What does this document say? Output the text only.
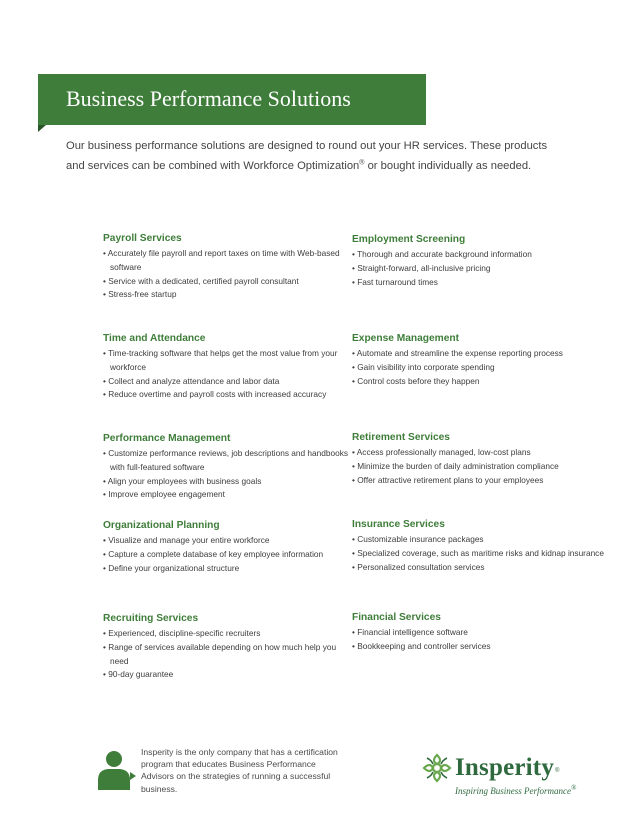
Business Performance Solutions

Our business performance solutions are designed to round out your HR services. These products

and services can be combined with Workforce Optimization® or bought individually as needed.

Payroll Services
• Accurately file payroll and report taxes on time with Web-based software
• Service with a dedicated, certified payroll consultant
• Stress-free startup
Time and Attendance
• Time-tracking software that helps get the most value from your workforce
• Collect and analyze attendance and labor data
• Reduce overtime and payroll costs with increased accuracy
Performance Management
• Customize performance reviews, job descriptions and handbooks with full-featured software
• Align your employees with business goals
• Improve employee engagement
Organizational Planning
• Visualize and manage your entire workforce
• Capture a complete database of key employee information
• Define your organizational structure
Recruiting Services
• Experienced, discipline-specific recruiters
• Range of services available depending on how much help you need
• 90-day guarantee
Employment Screening
• Thorough and accurate background information
• Straight-forward, all-inclusive pricing
• Fast turnaround times
Expense Management
• Automate and streamline the expense reporting process
• Gain visibility into corporate spending
• Control costs before they happen
Retirement Services
• Access professionally managed, low-cost plans
• Minimize the burden of daily administration compliance
• Offer attractive retirement plans to your employees
Insurance Services
• Customizable insurance packages
• Specialized coverage, such as maritime risks and kidnap insurance
• Personalized consultation services
Financial Services
• Financial intelligence software
• Bookkeeping and controller services
Insperity is the only company that has a certification program that educates Business Performance Advisors on the strategies of running a successful business.
Insperity ®
Inspiring Business Performance®
